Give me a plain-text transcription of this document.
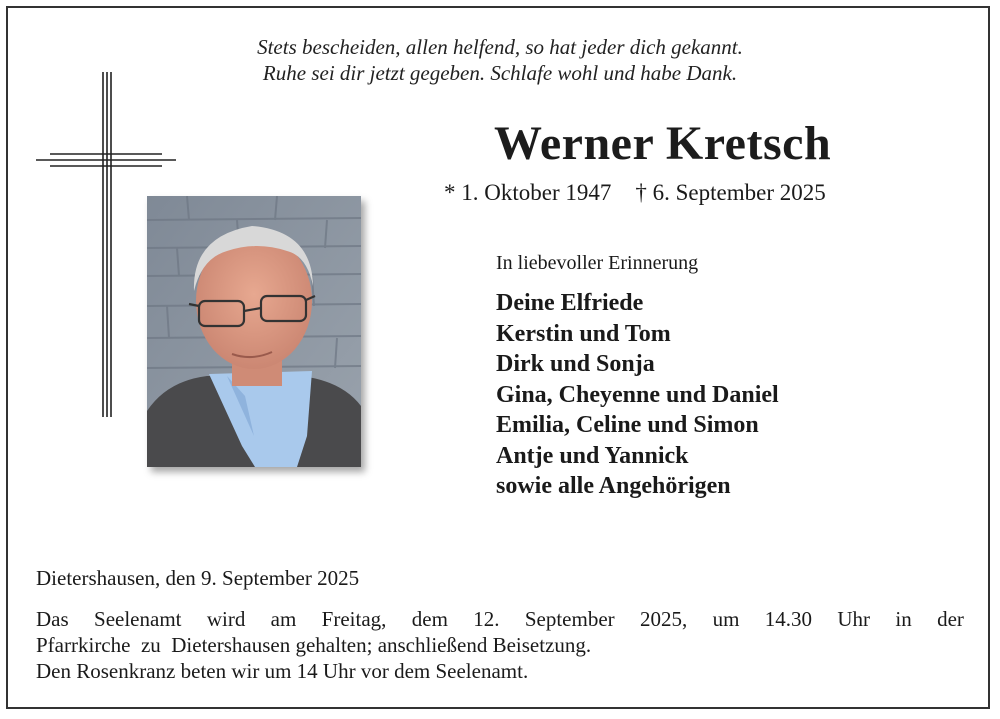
Stets bescheiden, allen helfend, so hat jeder dich gekannt.
Ruhe sei dir jetzt gegeben. Schlafe wohl und habe Dank.
Werner Kretsch
* 1. Oktober 1947 † 6. September 2025
In liebevoller Erinnerung
Deine Elfriede
Kerstin und Tom
Dirk und Sonja
Gina, Cheyenne und Daniel
Emilia, Celine und Simon
Antje und Yannick
sowie alle Angehörigen
Dietershausen, den 9. September 2025
Das Seelenamt wird am Freitag, dem 12. September 2025, um 14.30 Uhr in der
Pfarrkirche  zu  Dietershausen gehalten; anschließend Beisetzung.
Den Rosenkranz beten wir um 14 Uhr vor dem Seelenamt.
